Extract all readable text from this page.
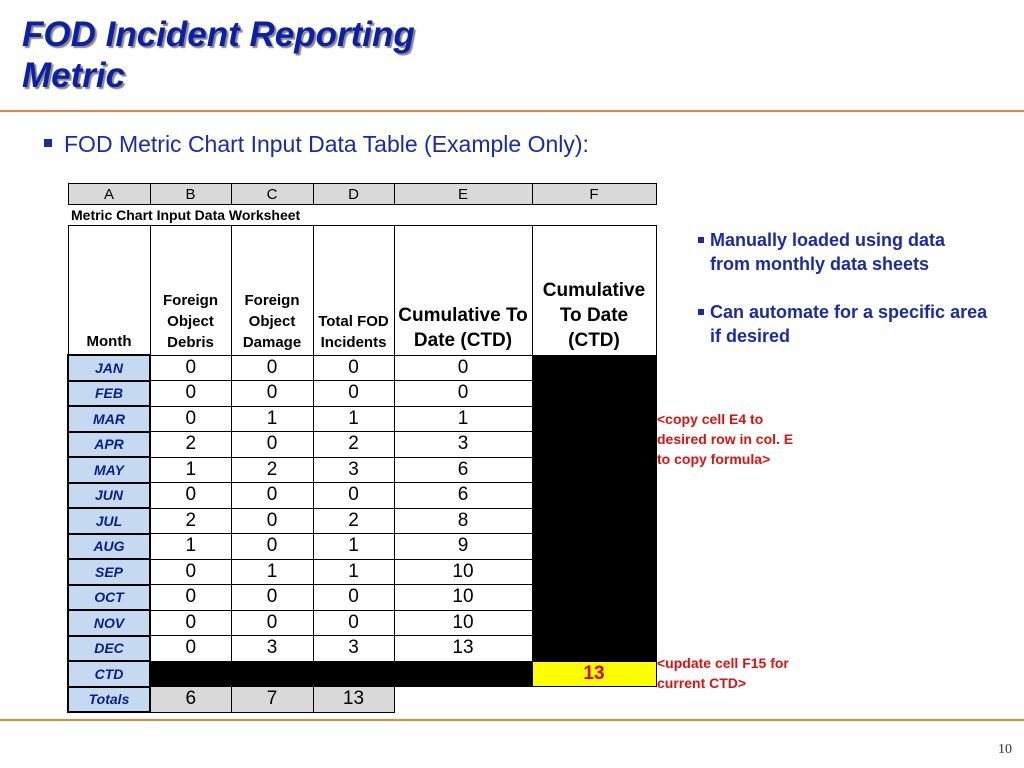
FOD Incident Reporting
Metric
FOD Metric Chart Input Data Table (Example Only):
A	B	C	D	E	F
Metric Chart Input Data Worksheet					
Month	Foreign Object Debris	Foreign Object Damage	Total FOD Incidents	Cumulative To Date (CTD)	Cumulative To Date (CTD)
JAN	0	0	0	0	
FEB	0	0	0	0	
MAR	0	1	1	1	
APR	2	0	2	3	
MAY	1	2	3	6	
JUN	0	0	0	6	
JUL	2	0	2	8	
AUG	1	0	1	9	
SEP	0	1	1	10	
OCT	0	0	0	10	
NOV	0	0	0	10	
DEC	0	3	3	13	
CTD					13
Totals	6	7	13		
Manually loaded using data from monthly data sheets
Can automate for a specific area if desired
<copy cell E4 to
desired row in col. E
to copy formula>
<update cell F15 for
current CTD>
10
